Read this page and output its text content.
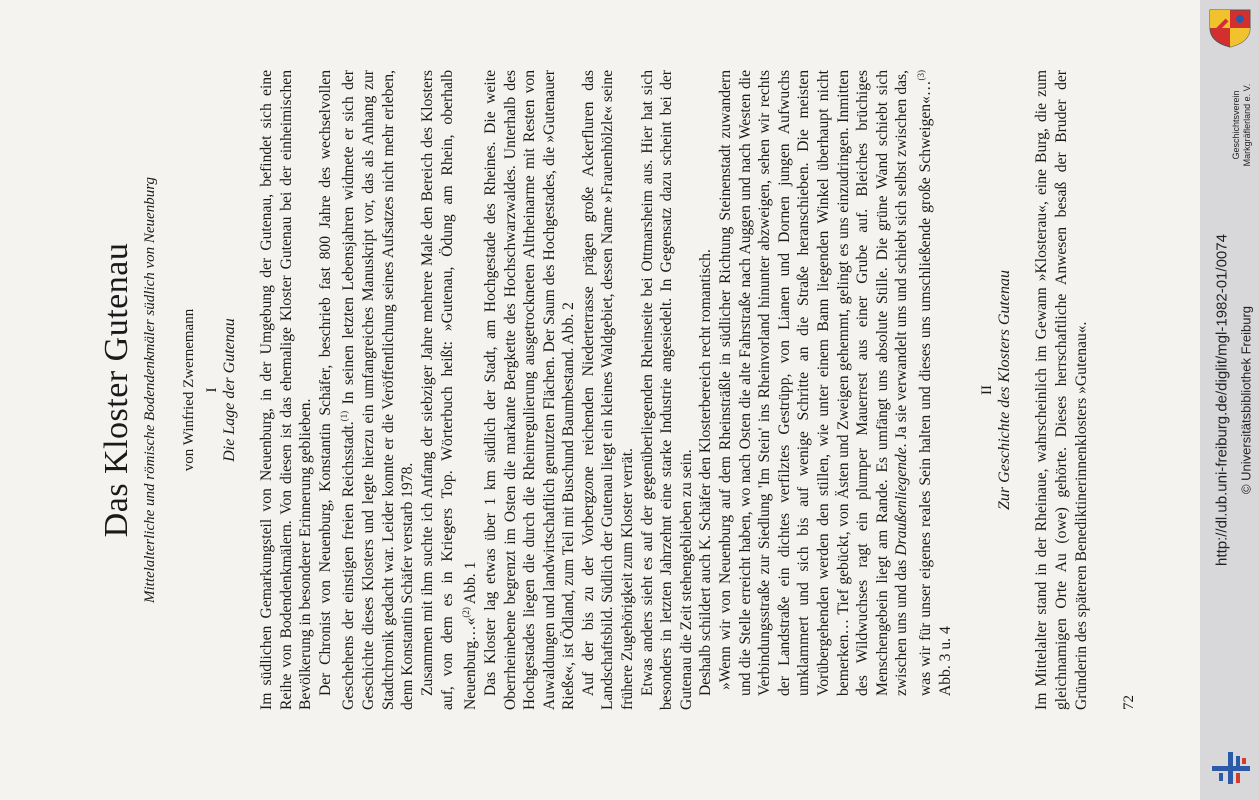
Das Kloster Gutenau Mittelalterliche und römische Bodendenkmäler südlich von Neuenburg von Winfried Zwernemann I Die Lage der Gutenau Im südlichen Gemarkungsteil von Neuenburg, in der Umgebung der Gutenau, befindet sich eine Reihe von Bodendenkmälern. Von diesen ist das ehemalige Kloster Gutenau bei der einheimischen Bevölkerung in besonderer Erinnerung geblieben. Der Chronist von Neuenburg, Konstantin Schäfer, beschrieb fast 800 Jahre des wechselvollen Geschehens der einstigen freien Reichsstadt.$^{(1)}$ In seinen letzten Lebensjahren widmete er sich der Geschichte dieses Klosters und legte hierzu ein umfangreiches Manuskript vor, das als Anhang zur Stadtchronik gedacht war. Leider konnte er die Veröffentlichung seines Aufsatzes nicht mehr erleben, denn Konstantin Schäfer verstarb 1978. Zusammen mit ihm suchte ich Anfang der siebziger Jahre mehrere Male den Bereich des Klosters auf, von dem es in Kriegers Top. Wörterbuch heißt: »Gutenau, Ödung am Rhein, oberhalb Neuenburg…«$^{(2)}$ Abb. 1 Das Kloster lag etwas über 1 km südlich der Stadt, am Hochgestade des Rheines. Die weite Oberrheinebene begrenzt im Osten die markante Bergkette des Hochschwarzwaldes. Unterhalb des Hochgestades liegen die durch die Rheinregulierung ausgetrockneten Altrheinarme mit Resten von Auwaldungen und landwirtschaftlich genutzten Flächen. Der Saum des Hochgestades, die »Gutenauer Rieße«, ist Ödland, zum Teil mit Buschund Baumbestand. Abb. 2 Auf der bis zu der Vorbergzone reichenden Niederterrasse prägen große Ackerfluren das Landschaftsbild. Südlich der Gutenau liegt ein kleines Waldgebiet, dessen Name »Frauenhölzle« seine frühere Zugehörigkeit zum Kloster verrät. Etwas anders sieht es auf der gegenüberliegenden Rheinseite bei Ottmarsheim aus. Hier hat sich besonders in letzten Jahrzehnt eine starke Industrie angesiedelt. In Gegensatz dazu scheint bei der Gutenau die Zeit stehengeblieben zu sein. Deshalb schildert auch K. Schäfer den Klosterbereich recht romantisch. »Wenn wir von Neuenburg auf dem Rheinsträßle in südlicher Richtung Steinenstadt zuwandern und die Stelle erreicht haben, wo nach Osten die alte Fahrstraße nach Auggen und nach Westen die Verbindungsstraße zur Siedlung 'Im Stein' ins Rheinvorland hinunter abzweigen, sehen wir rechts der Landstraße ein dichtes verfilztes Gestrüpp, von Lianen und Dornen jungen Aufwuchs umklammert und sich bis auf wenige Schritte an die Straße heranschieben. Die meisten Vorübergehenden werden den stillen, wie unter einem Bann liegenden Winkel überhaupt nicht bemerken… Tief gebückt, von Ästen und Zweigen gehemmt, gelingt es uns einzudringen. Inmitten des Wildwuchses ragt ein plumper Mauerrest aus einer Grube auf. Bleiches brüchiges Menschengebein liegt am Rande. Es umfängt uns absolute Stille. Die grüne Wand schiebt sich zwischen uns und das Draußenliegende. Ja sie verwandelt uns und schiebt sich selbst zwischen das, was wir für unser eigenes reales Sein halten und dieses uns umschließende große Schweigen«…$^{(3)}$ Abb. 3 u. 4

II Zur Geschichte des Klosters Gutenau Im Mittelalter stand in der Rheinaue, wahrscheinlich im Gewann »Klosterau«, eine Burg, die zum gleichnamigen Orte Au (owe) gehörte. Dieses herrschaftliche Anwesen besaß der Bruder der Gründerin des späteren Benediktinerinnenklosters »Gutenau«. 72
Geschichtsverein Markgräflerland e. V.
http://dl.ub.uni-freiburg.de/diglit/mgl-1982-01/0074 © Universitätsbibliothek Freiburg
